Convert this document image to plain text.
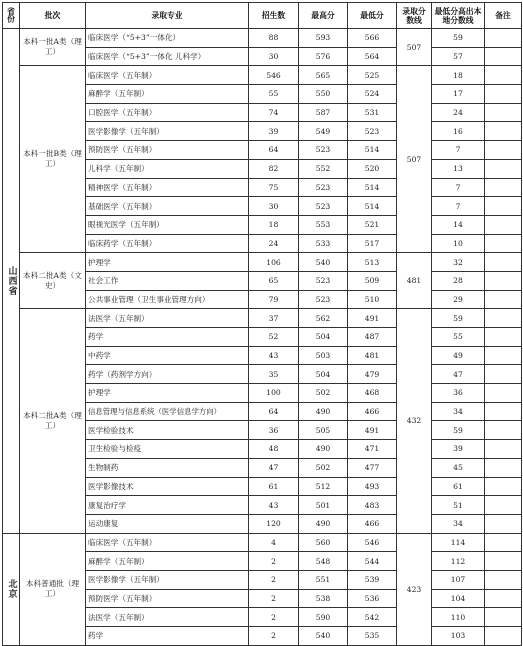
省份	批次	录取专业	招生数	最高分	最低分	录取分数线	最低分高出本地分数线	备注
山西省	本科一批A类（理工）	临床医学（“5+3”一体化）	88	593	566	507	59	
		临床医学（“5+3”一体化 儿科学）	30	576	564		57	
	本科一批B类（理工）	临床医学（五年制）	546	565	525	507	18	
		麻醉学（五年制）	55	550	524		17	
		口腔医学（五年制）	74	587	531		24	
		医学影像学（五年制）	39	549	523		16	
		预防医学（五年制）	64	523	514		7	
		儿科学（五年制）	82	552	520		13	
		精神医学（五年制）	75	523	514		7	
		基础医学（五年制）	30	523	514		7	
		眼视光医学（五年制）	18	553	521		14	
		临床药学（五年制）	24	533	517		10	
	本科二批A类（文史）	护理学	106	540	513	481	32	
		社会工作	65	523	509		28	
		公共事业管理（卫生事业管理方向）	79	523	510		29	
	本科二批A类（理工）	法医学（五年制）	37	562	491	432	59	
		药学	52	504	487		55	
		中药学	43	503	481		49	
		药学（药剂学方向）	35	504	479		47	
		护理学	100	502	468		36	
		信息管理与信息系统（医学信息学方向）	64	490	466		34	
		医学检验技术	36	505	491		59	
		卫生检验与检疫	48	490	471		39	
		生物制药	47	502	477		45	
		医学影像技术	61	512	493		61	
		康复治疗学	43	501	483		51	
		运动康复	120	490	466		34	
北京	本科普通批（理工）	临床医学（五年制）	4	560	546	423	114	
		麻醉学（五年制）	2	548	544		112	
		医学影像学（五年制）	2	551	539		107	
		预防医学（五年制）	2	538	536		104	
		法医学（五年制）	2	590	542		110	
		药学	2	540	535		103	
